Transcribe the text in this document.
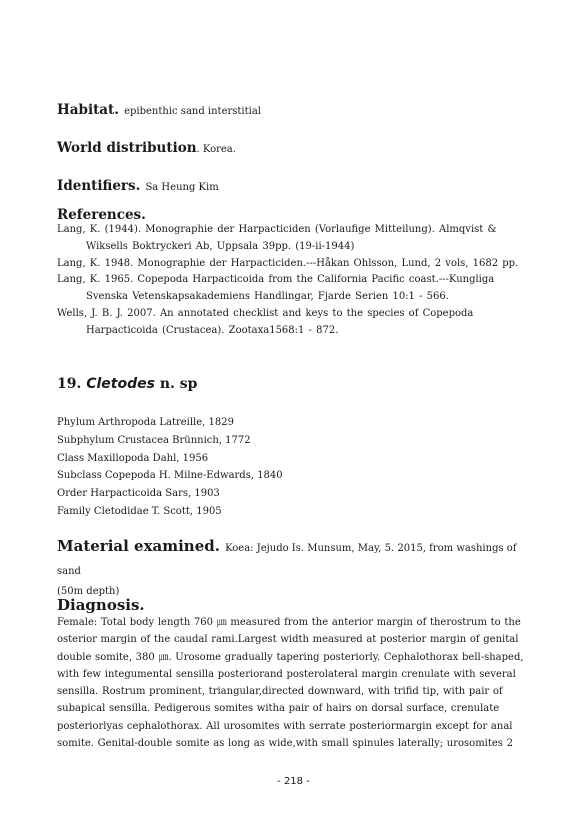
Habitat. epibenthic sand interstitial
World distribution. Korea.
Identifiers. Sa Heung Kim
References.
Lang, K. (1944). Monographie der Harpacticiden (Vorlaufige Mitteilung). Almqvist &
Wiksells Boktryckeri Ab, Uppsala 39pp. (19-ii-1944)
Lang, K. 1948. Monographie der Harpacticiden.---Håkan Ohlsson, Lund, 2 vols, 1682 pp.
Lang, K. 1965. Copepoda Harpacticoida from the California Pacific coast.---Kungliga
Svenska Vetenskapsakademiens Handlingar, Fjarde Serien 10:1 - 566.
Wells, J. B. J. 2007. An annotated checklist and keys to the species of Copepoda
Harpacticoida (Crustacea). Zootaxa1568:1 - 872.
19. Cletodes n. sp
Phylum Arthropoda Latreille, 1829
Subphylum Crustacea Brünnich, 1772
Class Maxillopoda Dahl, 1956
Subclass Copepoda H. Milne-Edwards, 1840
Order Harpacticoida Sars, 1903
Family Cletodidae T. Scott, 1905
Material examined. Koea: Jejudo Is. Munsum, May, 5. 2015, from washings of sand
(50m depth)
Diagnosis.
Female: Total body length 760 ㎛ measured from the anterior margin of therostrum to the
osterior margin of the caudal rami.Largest width measured at posterior margin of genital
double somite, 380 ㎛. Urosome gradually tapering posteriorly. Cephalothorax bell-shaped,
with few integumental sensilla posteriorand posterolateral margin crenulate with several
sensilla. Rostrum prominent, triangular,directed downward, with trifid tip, with pair of
subapical sensilla. Pedigerous somites witha pair of hairs on dorsal surface, crenulate
posteriorlyas cephalothorax. All urosomites with serrate posteriormargin except for anal
somite. Genital-double somite as long as wide,with small spinules laterally; urosomites 2
- 218 -
